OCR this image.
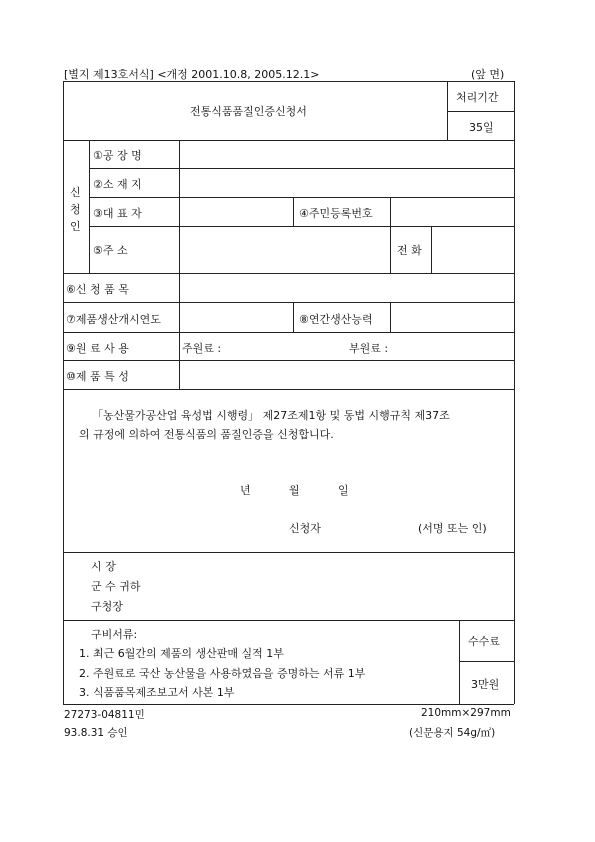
[별지 제13호서식] <개정 2001.10.8, 2005.12.1>	(앞 면)
전통식품품질인증신청서
처리기간
35일
신
청
인
①공 장 명
②소 재 지
③대 표 자	④주민등록번호
⑤주 소	전 화
⑥신 청 품 목
⑦제품생산개시연도	⑧연간생산능력
⑨원 료 사 용	주원료 :	부원료 :
⑩제 품 특 성
「농산물가공산업 육성법 시행령」 제27조제1항 및 동법 시행규칙 제37조
의 규정에 의하여 전통식품의 품질인증을 신청합니다.
년	월	일
신청자	(서명 또는 인)
시 장
군 수 귀하
구청장
구비서류:
1. 최근 6월간의 제품의 생산판매 실적 1부
2. 주원료로 국산 농산물을 사용하였음을 증명하는 서류 1부
3. 식품품목제조보고서 사본 1부
수수료
3만원
27273-04811민
93.8.31 승인
210mm×297mm
(신문용지 54g/㎡)
